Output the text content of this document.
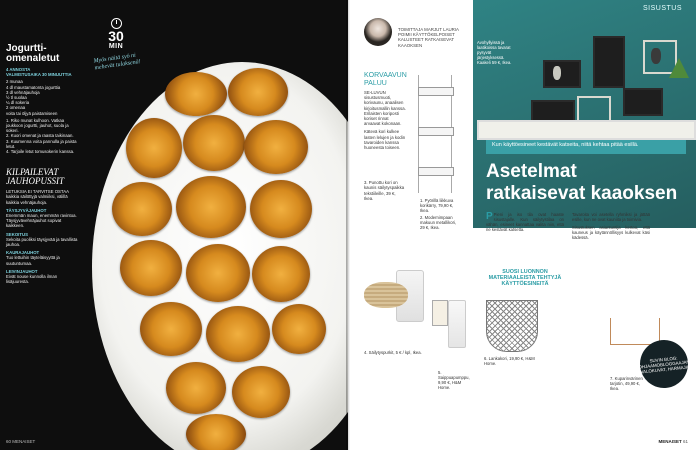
30
MIN
Myös näitä syö ni mehevät tulaksenä!
Jogurtti-omenaletut
4 ANNOSTA
VALMISTUSAIKA 30 MINUUTTIA
2 munaa
4 dl maustamatonta jogurttia
3 dl vehnäjauhoja
½ tl suolaa
¼ dl sokeria
2 omenaa
voita tai öljyä paistamiseen
1. Riko munat kulhoon. Vatkaa joukkoon jogurtti, jauhot, suola ja sokeri.
2. Kuori omenat ja raasta taikinaan.
3. Kuumenna voita pannulla ja paista letut.
4. Tarjoile letut tomusokerin kanssa.
KILPAILEVAT JAUHOPUSSIT
LETUKSIA EI TARVITSE OSTAA kaikkia säilöttyjä valmiiksi, välillä kaikkia vehnäjauhoja.
TÄYSJYVÄJAUHOT
Enemmän maun, enemmän ravintoa. Täysjyvävehnäjauhot sopivat kaikkeen.
SEKOITUS
Sekoita puoliksi täysjyvää ja tavallista jauhoa.
KAURAJAUHOT
Tuo lettuihin täyteläisyyttä ja suutuntumaa.
LEIVINJAUHOT
Eivät nouse kunnolla ilman lisäjuuresta.
60 MENAISET
SISUSTUS
Avohyllyissä ja laatikoissa tavarat pysyvät järjestyksessä. Kaakeli 59 €, Ikea.
Kun käyttöesineet kestävät katseita, niitä kehtaa pitää esillä.
Asetelmat
ratkaisevat kaaoksen
TOIMITTAJA MARJUT LAURIA POIMII KÄYTTÖKELPOISET KALUSTEET RATKAISEVAT KAAOKSEN
KORVAAVUN PALUU
SE-LUVUN sisustusmuoti, korivaunu, anaalisen kirjoitusmallin kanssa. Erilaisten koriposti koriset rinnat arvaavat kokonaan.
Kätevä kori kulkee lasten lelujen ja kodin tavaroiden kanssa huoneesta toiseen.
3. Punottu kori on kaunis säilytyspaikka tekstiileille, 39 €, Ikea.	1. Pyörillä liikkuva korikärry, 79,90 €, Ikea.
2. Modernimpaan makuun metallikori, 29 €, Ikea.
4. Säilytyspurkit, 5 € / kpl, Ikea.
5. Saippuapumppu, 9,90 €, H&M Home.
6. Lankakori, 19,90 €, H&M Home.
7. Kuparinvärinen tarjotin, 49,90 €, Ikea.
P Pieni ja iso tila ovat haaste sisustajalle. Kun säilytystilaa on vähän, esineet kannattaa valita niin, että ne kestävät katsetta.
SUOSI LUONNON MATERIAALEISTA TEHTYJÄ KÄYTTÖESINEITÄ
Tavaroita voi asetella ryhmiksi ja jättää esille, kun ne ovat kauniita ja toimivia.
Sisustuksen asiantuntija kertoo, että kauneus ja käytännöllisyys kulkevat käsi kädessä.
SUVIN BLOG: OHJAAMOBLOGGAAJAN VALOKUVAT, HARMAJA
MENAISET 61
